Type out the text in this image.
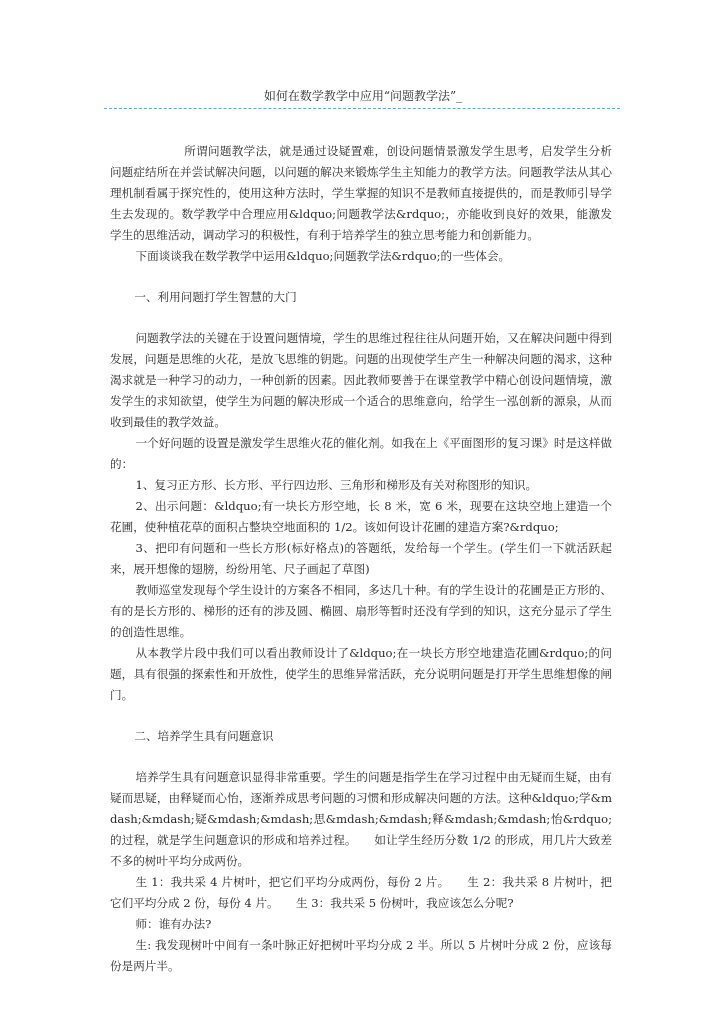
如何在数学教学中应用“问题教学法”_

所谓问题教学法，就是通过设疑置难，创设问题情景激发学生思考，启发学生分析问题症结所在并尝试解决问题，以问题的解决来锻炼学生主知能力的教学方法。问题教学法从其心理机制看属于探究性的，使用这种方法时，学生掌握的知识不是教师直接提供的，而是教师引导学生去发现的。数学教学中合理应用&ldquo;问题教学法&rdquo;，亦能收到良好的效果，能激发学生的思维活动，调动学习的积极性，有利于培养学生的独立思考能力和创新能力。

下面谈谈我在数学教学中运用&ldquo;问题教学法&rdquo;的一些体会。

一、利用问题打学生智慧的大门

问题教学法的关键在于设置问题情境，学生的思维过程往往从问题开始，又在解决问题中得到发展，问题是思维的火花，是放飞思维的钥匙。问题的出现使学生产生一种解决问题的渴求，这种渴求就是一种学习的动力，一种创新的因素。因此教师要善于在课堂教学中精心创设问题情境，激发学生的求知欲望，使学生为问题的解决形成一个适合的思维意向，给学生一泓创新的源泉，从而收到最佳的教学效益。

一个好问题的设置是激发学生思维火花的催化剂。如我在上《平面图形的复习课》时是这样做的：

1、复习正方形、长方形、平行四边形、三角形和梯形及有关对称图形的知识。

2、出示问题：&ldquo;有一块长方形空地，长 8 米，宽 6 米，现要在这块空地上建造一个花圃，使种植花草的面积占整块空地面积的 1/2。该如何设计花圃的建造方案?&rdquo;

3、把印有问题和一些长方形(标好格点)的答题纸，发给每一个学生。(学生们一下就活跃起来，展开想像的翅膀，纷纷用笔、尺子画起了草图)

教师巡堂发现每个学生设计的方案各不相同，多达几十种。有的学生设计的花圃是正方形的、有的是长方形的、梯形的还有的涉及圆、椭圆、扇形等暂时还没有学到的知识，这充分显示了学生的创造性思维。

从本教学片段中我们可以看出教师设计了&ldquo;在一块长方形空地建造花圃&rdquo;的问题，具有很强的探索性和开放性，使学生的思维异常活跃，充分说明问题是打开学生思维想像的闸门。

二、培养学生具有问题意识

培养学生具有问题意识显得非常重要。学生的问题是指学生在学习过程中由无疑而生疑，由有疑而思疑，由释疑而心怡，逐渐养成思考问题的习惯和形成解决问题的方法。这种&ldquo;学&mdash;&mdash;疑&mdash;&mdash;思&mdash;&mdash;释&mdash;&mdash;怡&rdquo;的过程，就是学生问题意识的形成和培养过程。　　如让学生经历分数 1/2 的形成，用几片大致差不多的树叶平均分成两份。

生 1：我共采 4 片树叶，把它们平均分成两份，每份 2 片。　　生 2：我共采 8 片树叶，把它们平均分成 2 份，每份 4 片。　　生 3：我共采 5 份树叶，我应该怎么分呢?

师：谁有办法?

生: 我发现树叶中间有一条叶脉正好把树叶平均分成 2 半。所以 5 片树叶分成 2 份，应该每份是两片半。
